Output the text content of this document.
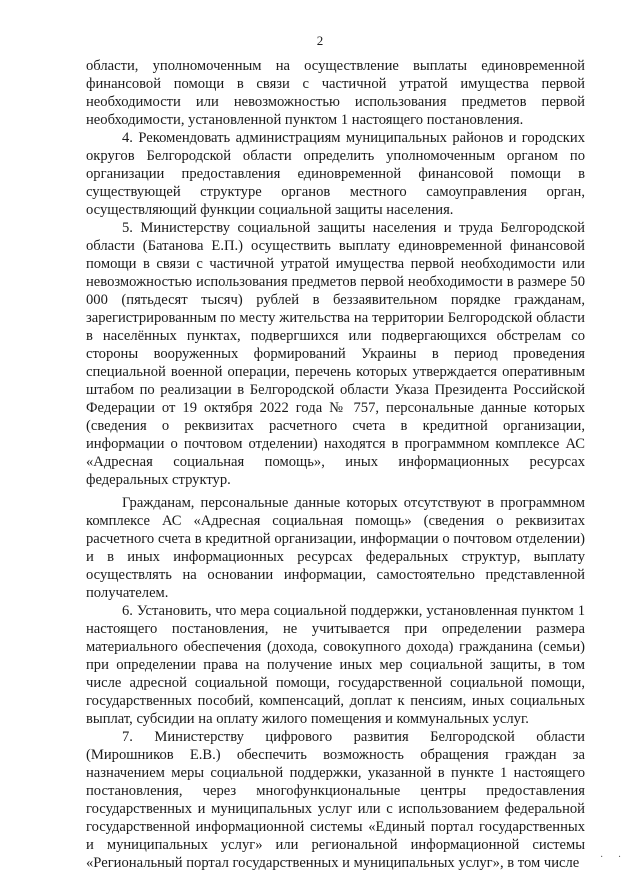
2

области, уполномоченным на осуществление выплаты единовременной финансовой помощи в связи с частичной утратой имущества первой необходимости или невозможностью использования предметов первой необходимости, установленной пунктом 1 настоящего постановления.

4. Рекомендовать администрациям муниципальных районов и городских округов Белгородской области определить уполномоченным органом по организации предоставления единовременной финансовой помощи в существующей структуре органов местного самоуправления орган, осуществляющий функции социальной защиты населения.

5. Министерству социальной защиты населения и труда Белгородской области (Батанова Е.П.) осуществить выплату единовременной финансовой помощи в связи с частичной утратой имущества первой необходимости или невозможностью использования предметов первой необходимости в размере 50 000 (пятьдесят тысяч) рублей в беззаявительном порядке гражданам, зарегистрированным по месту жительства на территории Белгородской области в населённых пунктах, подвергшихся или подвергающихся обстрелам со стороны вооруженных формирований Украины в период проведения специальной военной операции, перечень которых утверждается оперативным штабом по реализации в Белгородской области Указа Президента Российской Федерации от 19 октября 2022 года № 757, персональные данные которых (сведения о реквизитах расчетного счета в кредитной организации, информации о почтовом отделении) находятся в программном комплексе АС «Адресная социальная помощь», иных информационных ресурсах федеральных структур.

Гражданам, персональные данные которых отсутствуют в программном комплексе АС «Адресная социальная помощь» (сведения о реквизитах расчетного счета в кредитной организации, информации о почтовом отделении) и в иных информационных ресурсах федеральных структур, выплату осуществлять на основании информации, самостоятельно представленной получателем.

6. Установить, что мера социальной поддержки, установленная пунктом 1 настоящего постановления, не учитывается при определении размера материального обеспечения (дохода, совокупного дохода) гражданина (семьи) при определении права на получение иных мер социальной защиты, в том числе адресной социальной помощи, государственной социальной помощи, государственных пособий, компенсаций, доплат к пенсиям, иных социальных выплат, субсидии на оплату жилого помещения и коммунальных услуг.

7. Министерству цифрового развития Белгородской области (Мирошников Е.В.) обеспечить возможность обращения граждан за назначением меры социальной поддержки, указанной в пункте 1 настоящего постановления, через многофункциональные центры предоставления государственных и муниципальных услуг или с использованием федеральной государственной информационной системы «Единый портал государственных и муниципальных услуг» или региональной информационной системы «Региональный портал государственных и муниципальных услуг», в том числе	· ·
